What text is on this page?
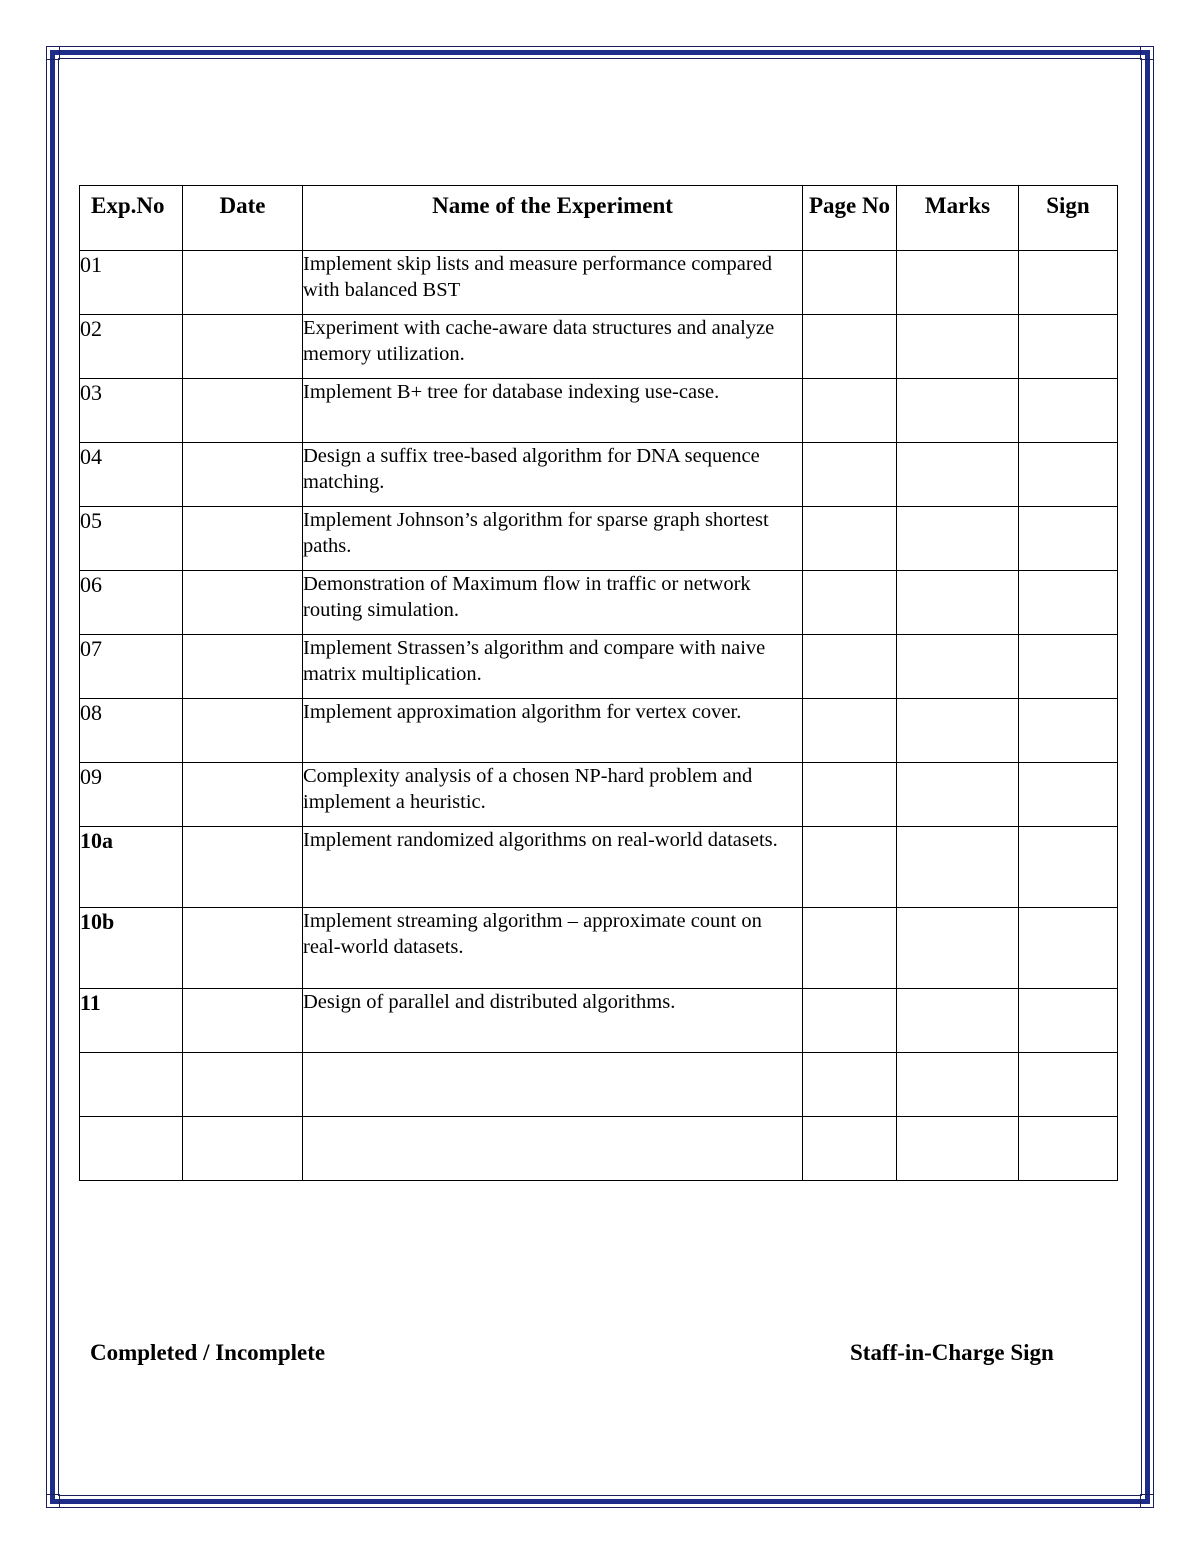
Exp.No	Date	Name of the Experiment	Page No	Marks	Sign
01		Implement skip lists and measure performance compared with balanced BST			
02		Experiment with cache-aware data structures and analyze memory utilization.			
03		Implement B+ tree for database indexing use-case.			
04		Design a suffix tree-based algorithm for DNA sequence matching.			
05		Implement Johnson’s algorithm for sparse graph shortest paths.			
06		Demonstration of Maximum flow in traffic or network routing simulation.			
07		Implement Strassen’s algorithm and compare with naive matrix multiplication.			
08		Implement approximation algorithm for vertex cover.			
09		Complexity analysis of a chosen NP-hard problem and implement a heuristic.			
10a		Implement randomized algorithms on real-world datasets.			
10b		Implement streaming algorithm – approximate count on real-world datasets.			
11		Design of parallel and distributed algorithms.			

Completed / Incomplete	Staff-in-Charge Sign
